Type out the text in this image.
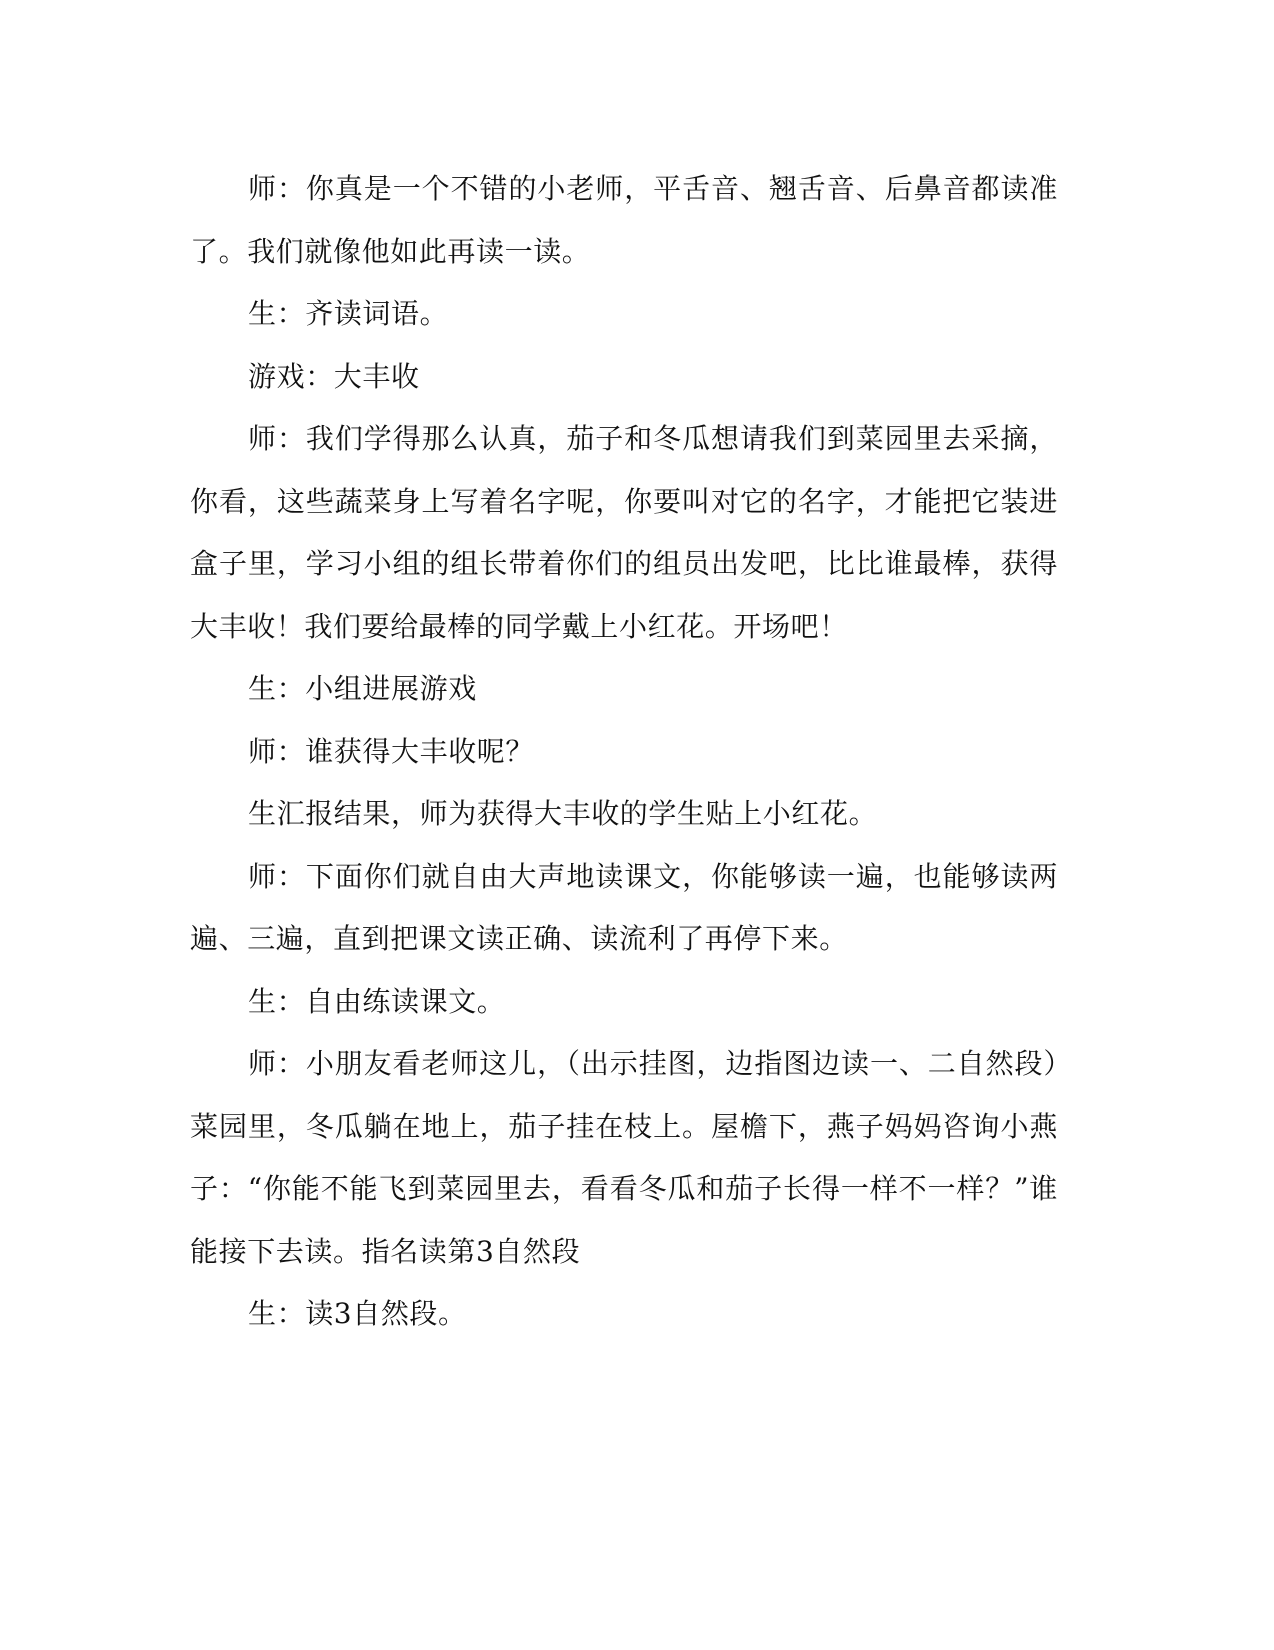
师：你真是一个不错的小老师，平舌音、翘舌音、后鼻音都读准了。我们就像他如此再读一读。

生：齐读词语。

游戏：大丰收

师：我们学得那么认真，茄子和冬瓜想请我们到菜园里去采摘，你看，这些蔬菜身上写着名字呢，你要叫对它的名字，才能把它装进盒子里，学习小组的组长带着你们的组员出发吧，比比谁最棒，获得大丰收！我们要给最棒的同学戴上小红花。开场吧！

生：小组进展游戏

师：谁获得大丰收呢？

生汇报结果，师为获得大丰收的学生贴上小红花。

师：下面你们就自由大声地读课文，你能够读一遍，也能够读两遍、三遍，直到把课文读正确、读流利了再停下来。

生：自由练读课文。

师：小朋友看老师这儿，（出示挂图，边指图边读一、二自然段）菜园里，冬瓜躺在地上，茄子挂在枝上。屋檐下，燕子妈妈咨询小燕子：“你能不能飞到菜园里去，看看冬瓜和茄子长得一样不一样？”谁能接下去读。指名读第3自然段

生：读3自然段。
